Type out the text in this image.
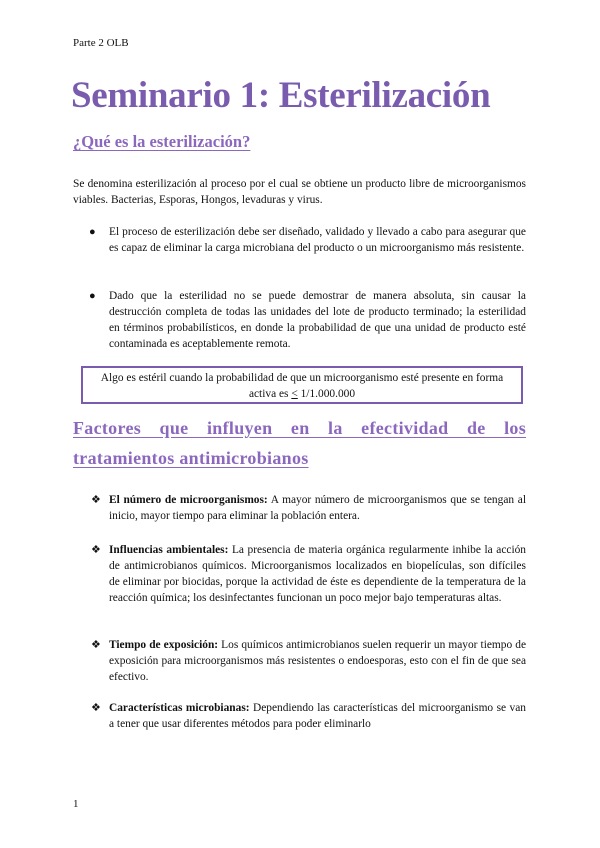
Parte 2 OLB
Seminario 1: Esterilización
¿Qué es la esterilización?

Se denomina esterilización al proceso por el cual se obtiene un producto libre de microorganismos viables. Bacterias, Esporas, Hongos, levaduras y virus.

● El proceso de esterilización debe ser diseñado, validado y llevado a cabo para asegurar que es capaz de eliminar la carga microbiana del producto o un microorganismo más resistente.

● Dado que la esterilidad no se puede demostrar de manera absoluta, sin causar la destrucción completa de todas las unidades del lote de producto terminado; la esterilidad en términos probabilísticos, en donde la probabilidad de que una unidad de producto esté contaminada es aceptablemente remota.

Algo es estéril cuando la probabilidad de que un microorganismo esté presente en forma
activa es ≤ 1/1.000.000
Factores que influyen en la efectividad de los
tratamientos antimicrobianos
❖ El número de microorganismos: A mayor número de microorganismos que se tengan al inicio, mayor tiempo para eliminar la población entera.

❖ Influencias ambientales: La presencia de materia orgánica regularmente inhibe la acción de antimicrobianos químicos. Microorganismos localizados en biopelículas, son difíciles de eliminar por biocidas, porque la actividad de éste es dependiente de la temperatura de la reacción química; los desinfectantes funcionan un poco mejor bajo temperaturas altas.

❖ Tiempo de exposición: Los químicos antimicrobianos suelen requerir un mayor tiempo de exposición para microorganismos más resistentes o endoesporas, esto con el fin de que sea efectivo.

❖ Características microbianas: Dependiendo las características del microorganismo se van a tener que usar diferentes métodos para poder eliminarlo

1
